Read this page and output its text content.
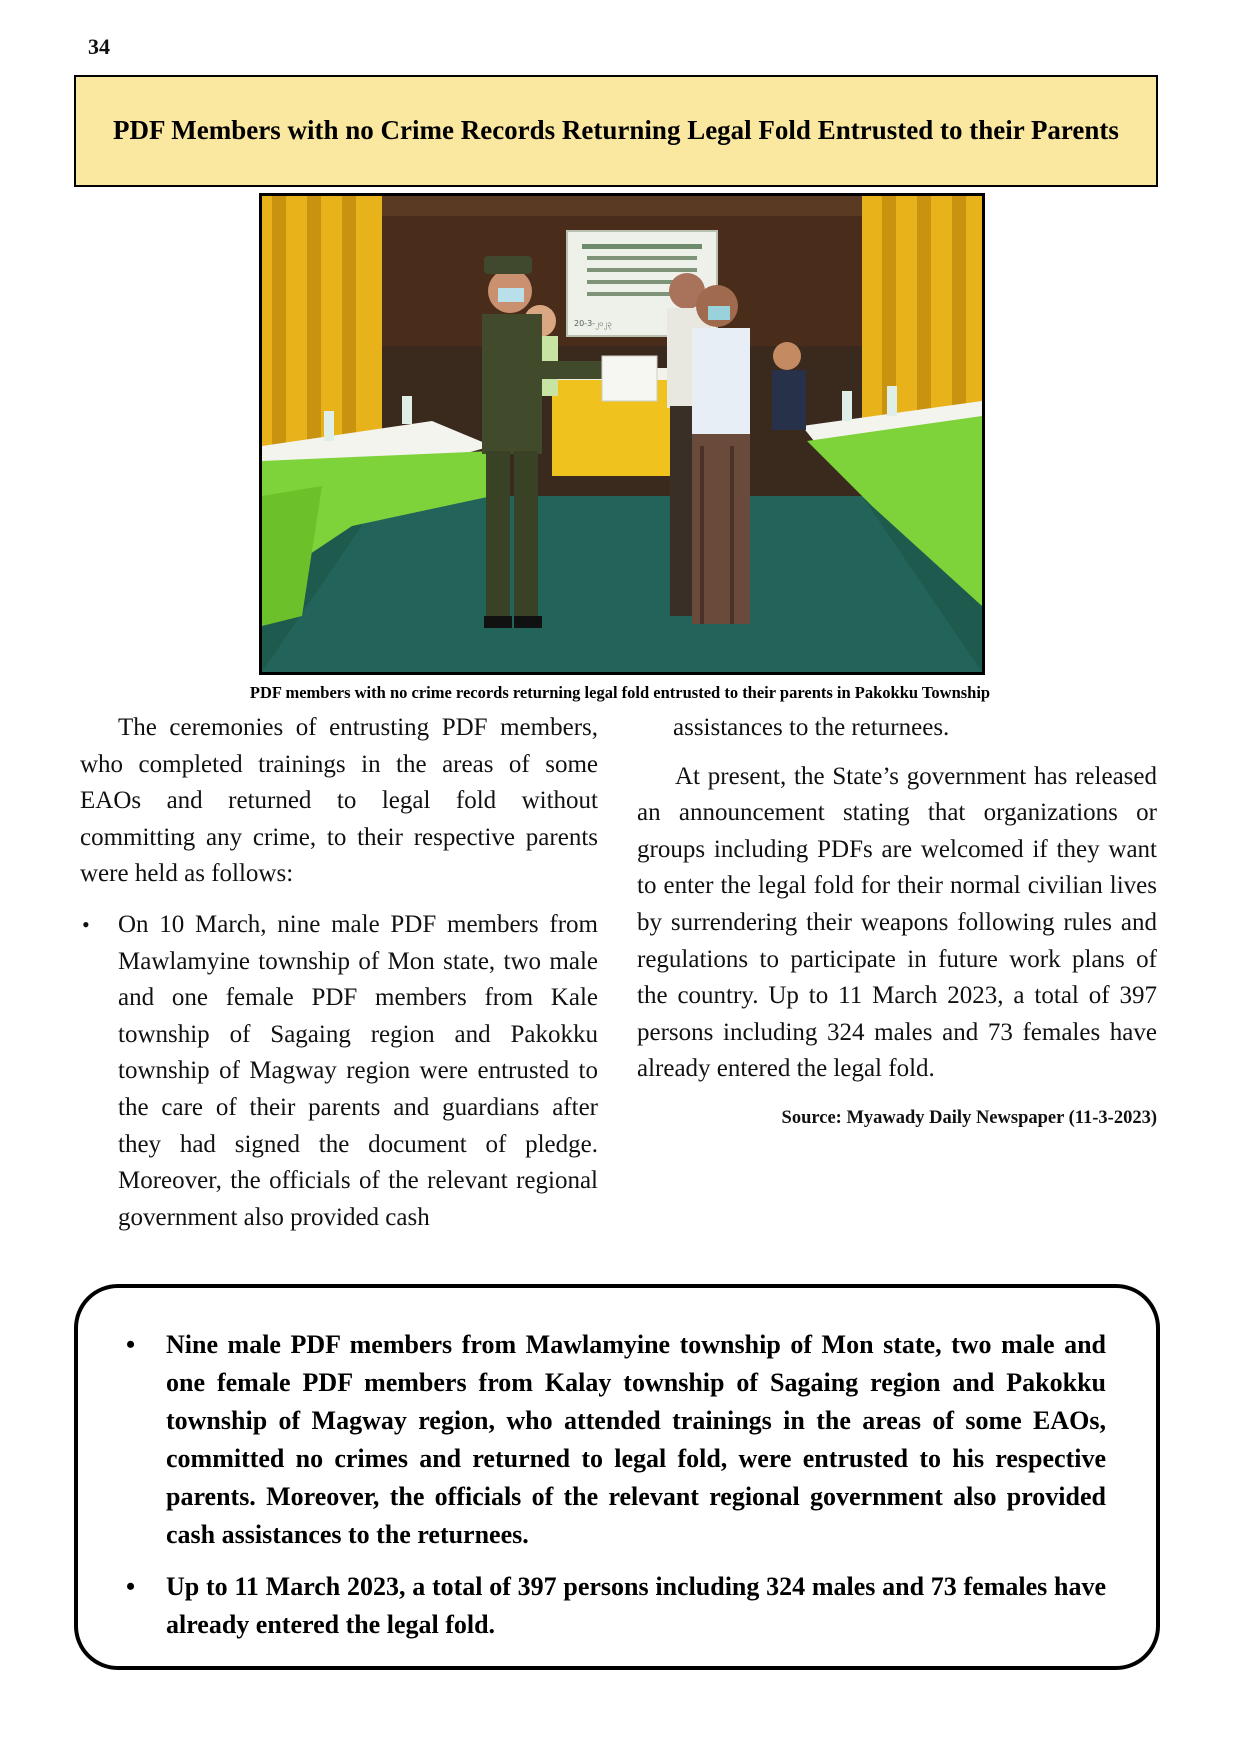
34
PDF Members with no Crime Records Returning Legal Fold Entrusted to their Parents
20-3-၂၀၂၃
PDF members with no crime records returning legal fold entrusted to their parents in Pakokku Township

The ceremonies of entrusting PDF members, who completed trainings in the areas of some EAOs and returned to legal fold without committing any crime, to their respective parents were held as follows:

• On 10 March, nine male PDF members from Mawlamyine township of Mon state, two male and one female PDF members from Kale township of Sagaing region and Pakokku township of Magway region were entrusted to the care of their parents and guardians after they had signed the document of pledge. Moreover, the officials of the relevant regional government also provided cash

assistances to the returnees.

At present, the State’s government has released an announcement stating that organizations or groups including PDFs are welcomed if they want to enter the legal fold for their normal civilian lives by surrendering their weapons following rules and regulations to participate in future work plans of the country. Up to 11 March 2023, a total of 397 persons including 324 males and 73 females have already entered the legal fold.

Source: Myawady Daily Newspaper (11-3-2023)

• Nine male PDF members from Mawlamyine township of Mon state, two male and one female PDF members from Kalay township of Sagaing region and Pakokku township of Magway region, who attended trainings in the areas of some EAOs, committed no crimes and returned to legal fold, were entrusted to his respective parents. Moreover, the officials of the relevant regional government also provided cash assistances to the returnees.
• Up to 11 March 2023, a total of 397 persons including 324 males and 73 females have already entered the legal fold.
